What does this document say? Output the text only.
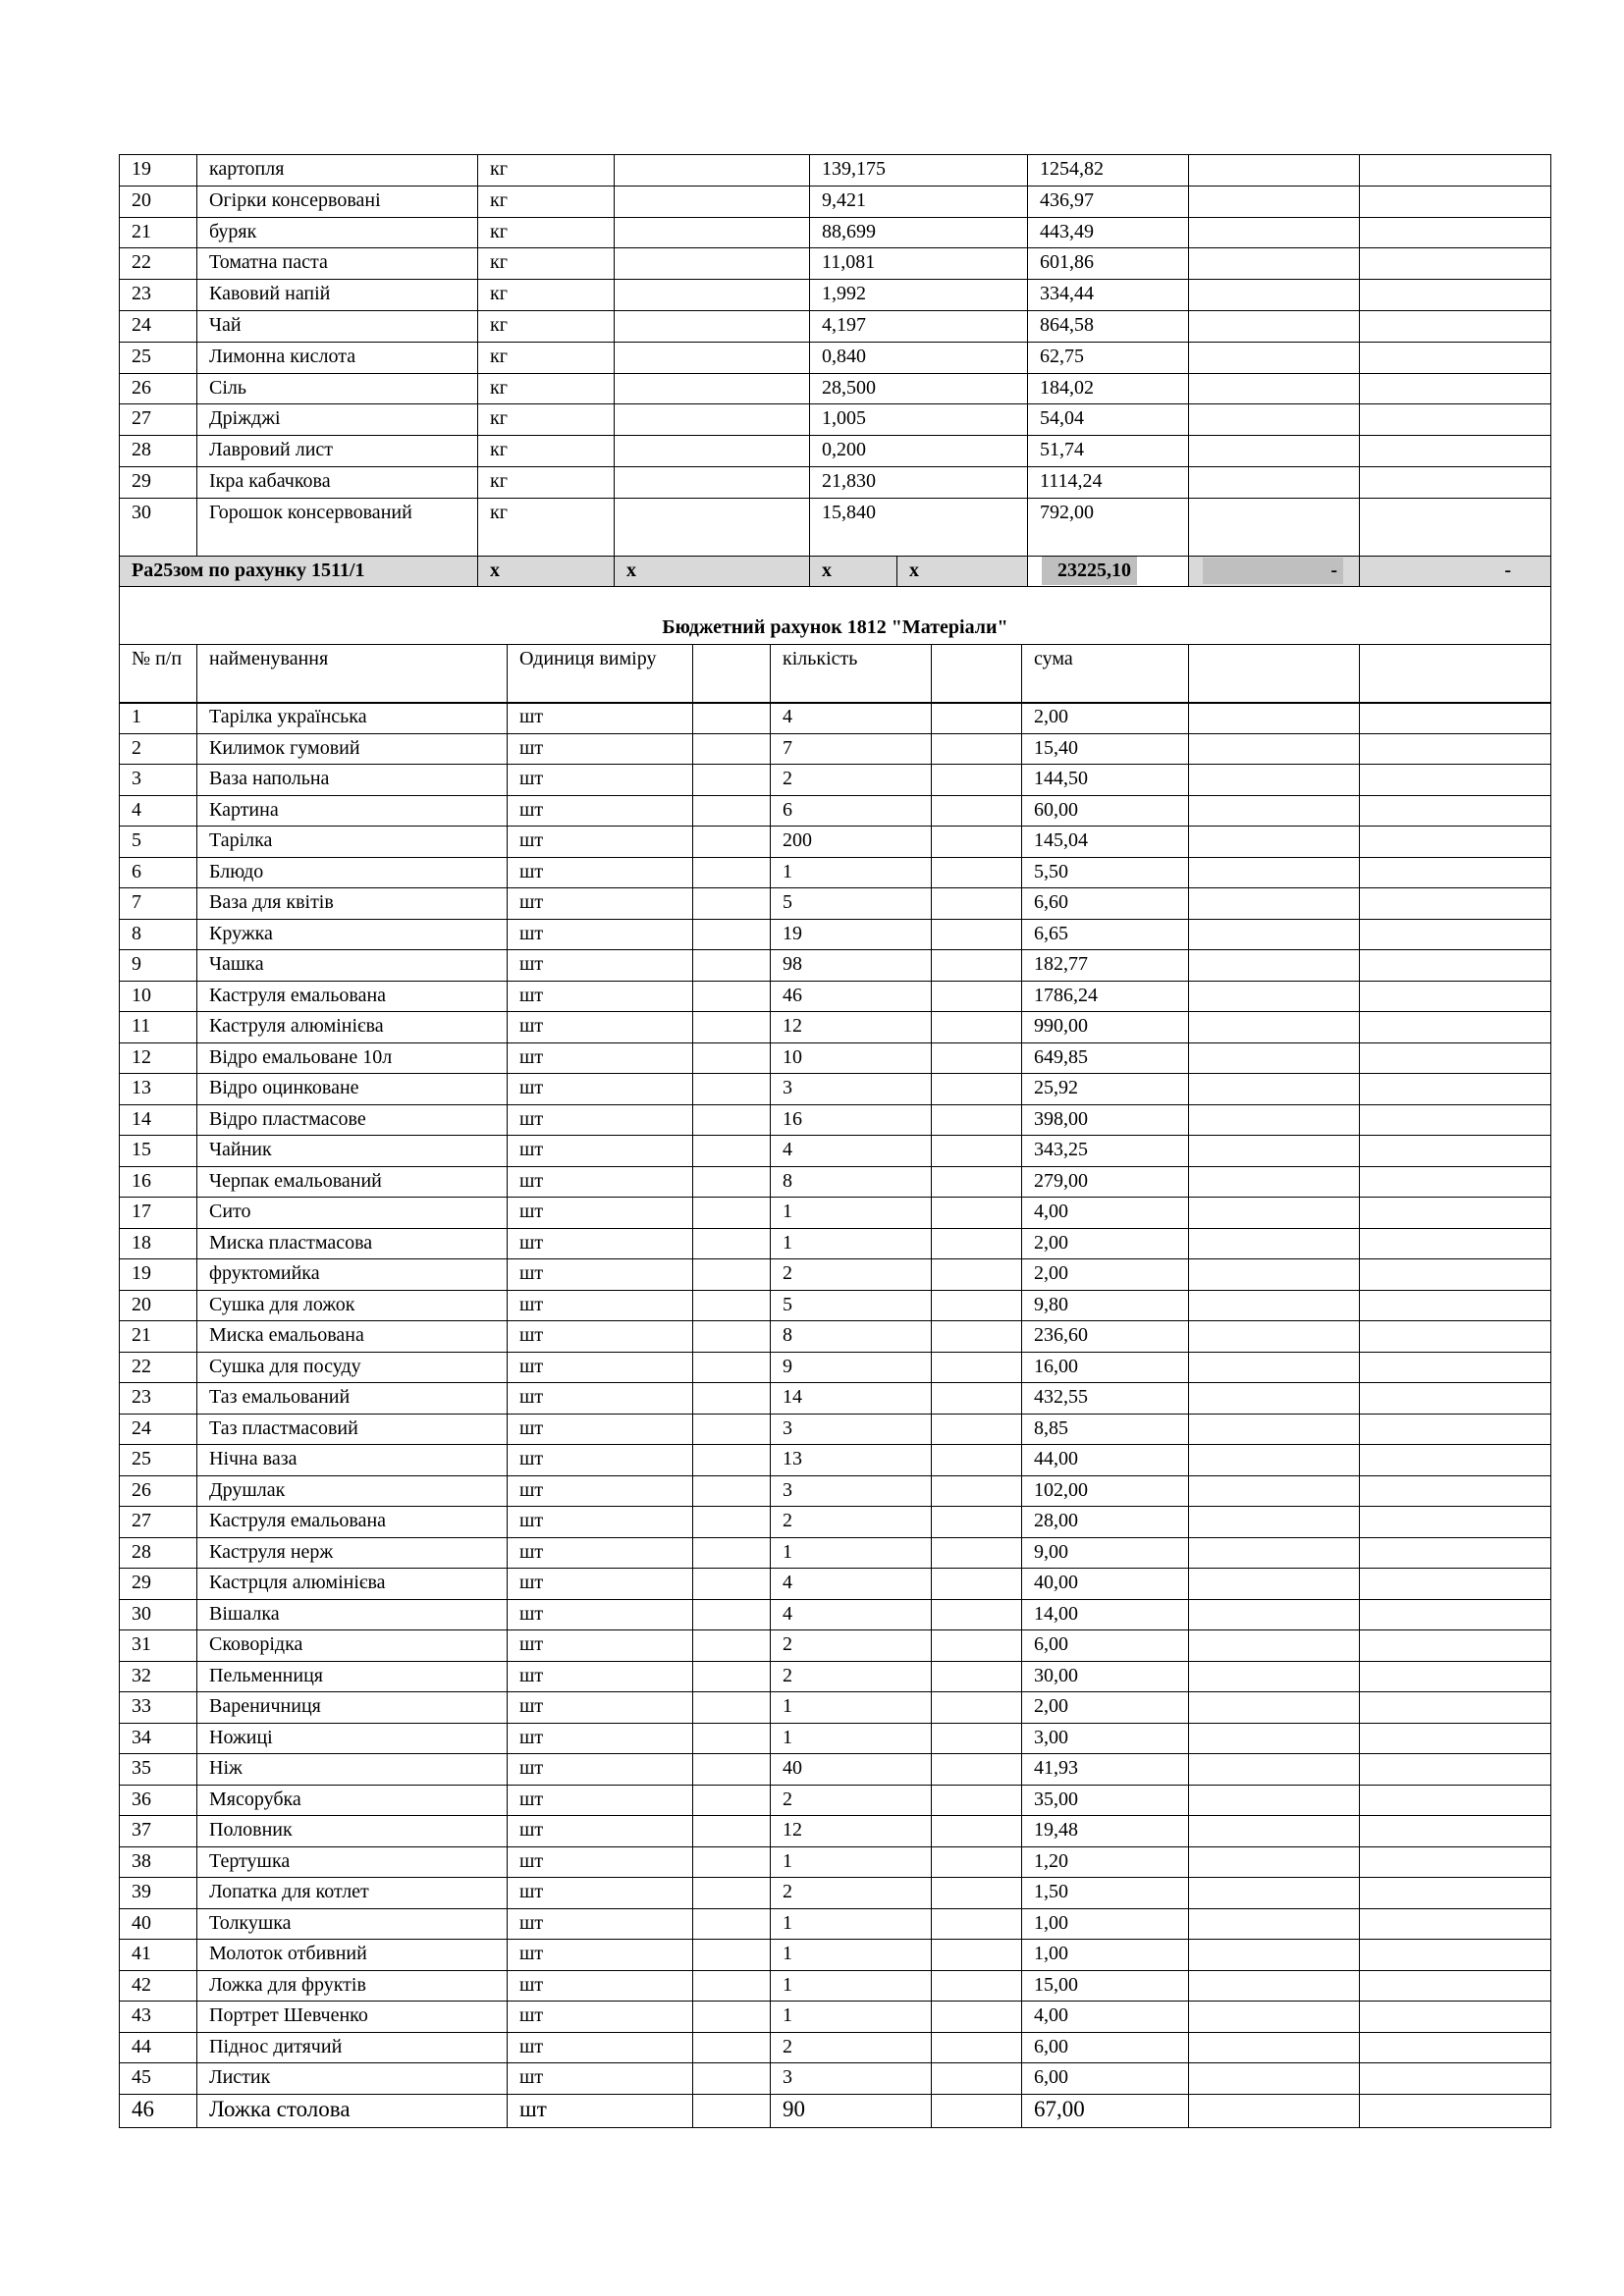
19	картопля	кг		139,175		1254,82		
20	Огірки консервовані	кг		9,421		436,97		
21	буряк	кг		88,699		443,49		
22	Томатна паста	кг		11,081		601,86		
23	Кавовий напій	кг		1,992		334,44		
24	Чай	кг		4,197		864,58		
25	Лимонна кислота	кг		0,840		62,75		
26	Сіль	кг		28,500		184,02		
27	Дріжджі	кг		1,005		54,04		
28	Лавровий лист	кг		0,200		51,74		
29	Ікра кабачкова	кг		21,830		1114,24		
30	Горошок консервований	кг		15,840		792,00		
Ра25зом по рахунку 1511/1		х	х	х	х	23225,10	-	-
Бюджетний рахунок 1812 "Матеріали"								
№ п/п	найменування	Одиниця виміру		кількість		сума		
1	Тарілка українська	шт		4		2,00		
2	Килимок гумовий	шт		7		15,40		
3	Ваза напольна	шт		2		144,50		
4	Картина	шт		6		60,00		
5	Тарілка	шт		200		145,04		
6	Блюдо	шт		1		5,50		
7	Ваза для квітів	шт		5		6,60		
8	Кружка	шт		19		6,65		
9	Чашка	шт		98		182,77		
10	Каструля емальована	шт		46		1786,24		
11	Каструля алюмінієва	шт		12		990,00		
12	Відро емальоване 10л	шт		10		649,85		
13	Відро оцинковане	шт		3		25,92		
14	Відро пластмасове	шт		16		398,00		
15	Чайник	шт		4		343,25		
16	Черпак емальований	шт		8		279,00		
17	Сито	шт		1		4,00		
18	Миска пластмасова	шт		1		2,00		
19	фруктомийка	шт		2		2,00		
20	Сушка для ложок	шт		5		9,80		
21	Миска емальована	шт		8		236,60		
22	Сушка для посуду	шт		9		16,00		
23	Таз емальований	шт		14		432,55		
24	Таз пластмасовий	шт		3		8,85		
25	Нічна ваза	шт		13		44,00		
26	Друшлак	шт		3		102,00		
27	Каструля емальована	шт		2		28,00		
28	Каструля нерж	шт		1		9,00		
29	Кастрцля алюмінієва	шт		4		40,00		
30	Вішалка	шт		4		14,00		
31	Сковорідка	шт		2		6,00		
32	Пельменниця	шт		2		30,00		
33	Вареничниця	шт		1		2,00		
34	Ножиці	шт		1		3,00		
35	Ніж	шт		40		41,93		
36	Мясорубка	шт		2		35,00		
37	Половник	шт		12		19,48		
38	Тертушка	шт		1		1,20		
39	Лопатка для котлет	шт		2		1,50		
40	Толкушка	шт		1		1,00		
41	Молоток отбивний	шт		1		1,00		
42	Ложка для фруктів	шт		1		15,00		
43	Портрет Шевченко	шт		1		4,00		
44	Піднос дитячий	шт		2		6,00		
45	Листик	шт		3		6,00		
46	Ложка столова	шт		90		67,00		
